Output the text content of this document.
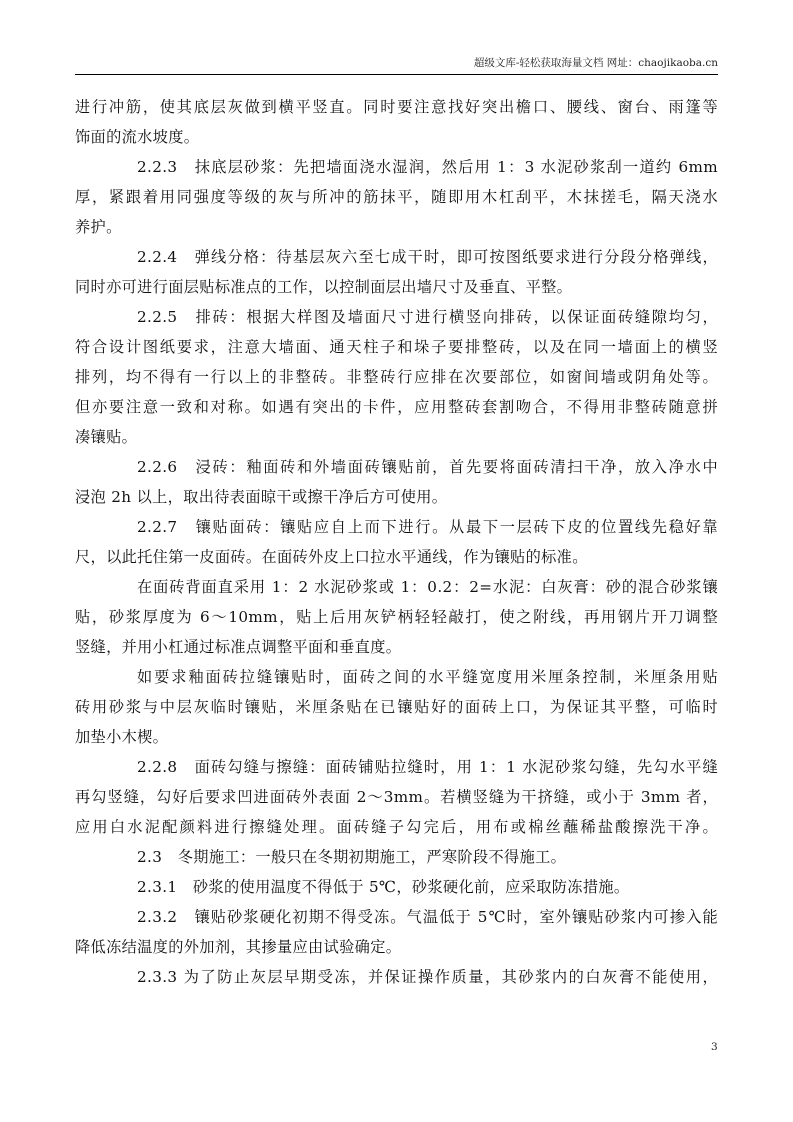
超级文库-轻松获取海量文档 网址：chaojikaoba.cn
进行冲筋，使其底层灰做到横平竖直。同时要注意找好突出檐口、腰线、窗台、雨篷等
饰面的流水坡度。
2.2.3　抹底层砂浆：先把墙面浇水湿润，然后用 1：3 水泥砂浆刮一道约 6mm
厚，紧跟着用同强度等级的灰与所冲的筋抹平，随即用木杠刮平，木抹搓毛，隔天浇水
养护。
2.2.4　弹线分格：待基层灰六至七成干时，即可按图纸要求进行分段分格弹线，
同时亦可进行面层贴标准点的工作，以控制面层出墙尺寸及垂直、平整。
2.2.5　排砖：根据大样图及墙面尺寸进行横竖向排砖，以保证面砖缝隙均匀，
符合设计图纸要求，注意大墙面、通天柱子和垛子要排整砖，以及在同一墙面上的横竖
排列，均不得有一行以上的非整砖。非整砖行应排在次要部位，如窗间墙或阴角处等。
但亦要注意一致和对称。如遇有突出的卡件，应用整砖套割吻合，不得用非整砖随意拼
凑镶贴。
2.2.6　浸砖：釉面砖和外墙面砖镶贴前，首先要将面砖清扫干净，放入净水中
浸泡 2h 以上，取出待表面晾干或擦干净后方可使用。
2.2.7　镶贴面砖：镶贴应自上而下进行。从最下一层砖下皮的位置线先稳好靠
尺，以此托住第一皮面砖。在面砖外皮上口拉水平通线，作为镶贴的标准。
在面砖背面直采用 1：2 水泥砂浆或 1：0.2：2=水泥：白灰膏：砂的混合砂浆镶
贴，砂浆厚度为 6～10mm，贴上后用灰铲柄轻轻敲打，使之附线，再用钢片开刀调整
竖缝，并用小杠通过标准点调整平面和垂直度。
如要求釉面砖拉缝镶贴时，面砖之间的水平缝宽度用米厘条控制，米厘条用贴
砖用砂浆与中层灰临时镶贴，米厘条贴在已镶贴好的面砖上口，为保证其平整，可临时
加垫小木楔。
2.2.8　面砖勾缝与擦缝：面砖铺贴拉缝时，用 1：1 水泥砂浆勾缝，先勾水平缝
再勾竖缝，勾好后要求凹进面砖外表面 2～3mm。若横竖缝为干挤缝，或小于 3mm 者，
应用白水泥配颜料进行擦缝处理。面砖缝子勾完后，用布或棉丝蘸稀盐酸擦洗干净。
2.3　冬期施工：一般只在冬期初期施工，严寒阶段不得施工。
2.3.1　砂浆的使用温度不得低于 5℃，砂浆硬化前，应采取防冻措施。
2.3.2　镶贴砂浆硬化初期不得受冻。气温低于 5℃时，室外镶贴砂浆内可掺入能
降低冻结温度的外加剂，其掺量应由试验确定。
2.3.3 为了防止灰层早期受冻，并保证操作质量，其砂浆内的白灰膏不能使用，
3
